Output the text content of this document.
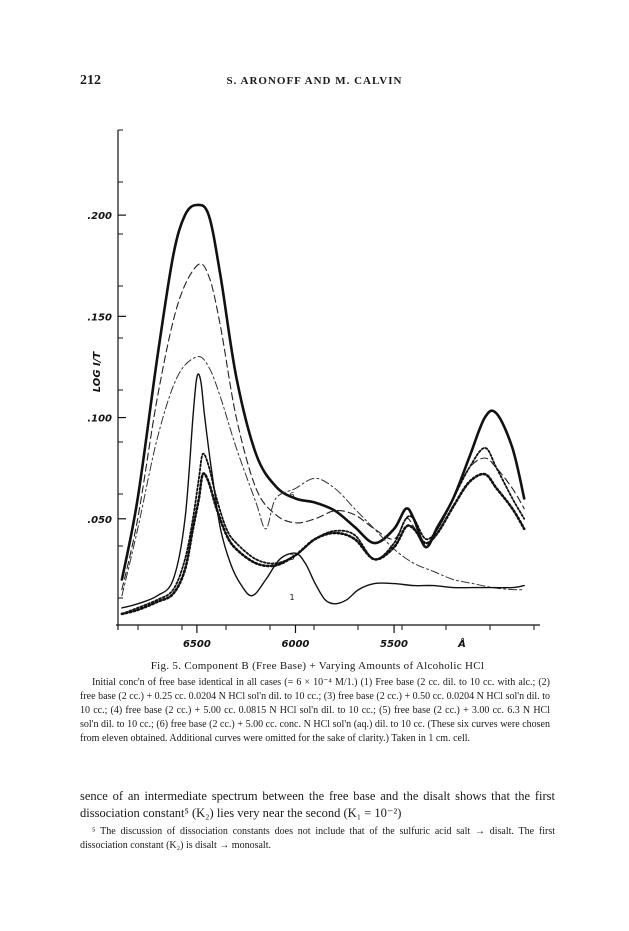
212	S. ARONOFF AND M. CALVIN
.200
.150
.100
.050
6500	6000	5500
LOG I/T
Å
6
3
1
Fig. 5. Component B (Free Base) + Varying Amounts of Alcoholic HCl
Initial conc'n of free base identical in all cases (= 6 × 10⁻⁴ M/1.) (1) Free base (2 cc. dil. to 10 cc. with alc.; (2) free base (2 cc.) + 0.25 cc. 0.0204 N HCl sol'n dil. to 10 cc.; (3) free base (2 cc.) + 0.50 cc. 0.0204 N HCl sol'n dil. to 10 cc.; (4) free base (2 cc.) + 5.00 cc. 0.0815 N HCl sol'n dil. to 10 cc.; (5) free base (2 cc.) + 3.00 cc. 6.3 N HCl sol'n dil. to 10 cc.; (6) free base (2 cc.) + 5.00 cc. conc. N HCl sol'n (aq.) dil. to 10 cc. (These six curves were chosen from eleven obtained. Additional curves were omitted for the sake of clarity.) Taken in 1 cm. cell.
sence of an intermediate spectrum between the free base and the disalt shows that the first dissociation constant⁵ (K₂) lies very near the second (K₁ = 10⁻²)
⁵ The discussion of dissociation constants does not include that of the sulfuric acid salt → disalt. The first dissociation constant (K₂) is disalt → monosalt.
